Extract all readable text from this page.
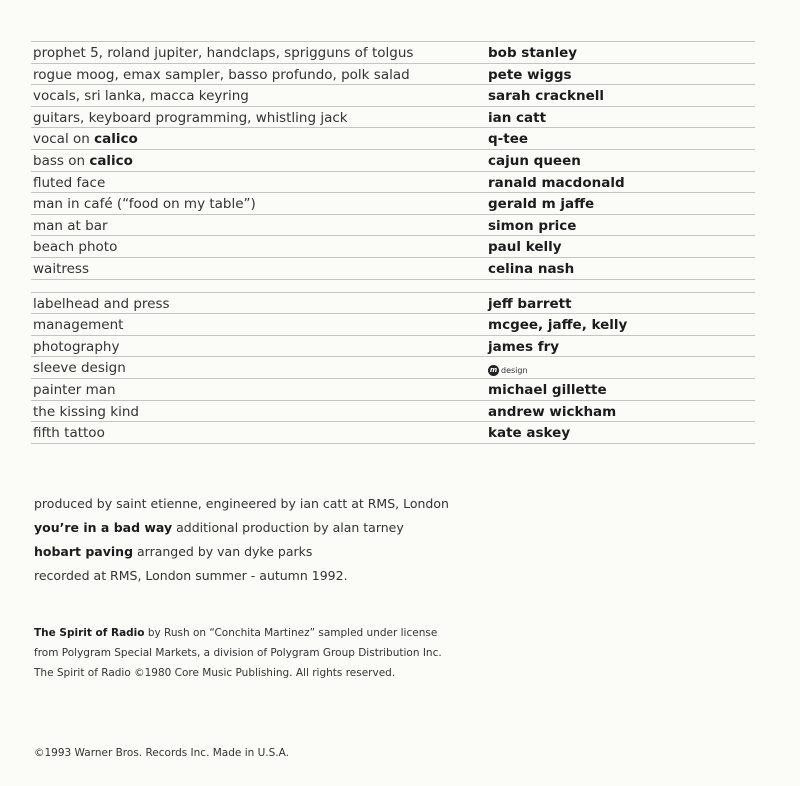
prophet 5, roland jupiter, handclaps, sprigguns of tolgus	bob stanley
rogue moog, emax sampler, basso profundo, polk salad	pete wiggs
vocals, sri lanka, macca keyring	sarah cracknell
guitars, keyboard programming, whistling jack	ian catt
vocal on calico	q-tee
bass on calico	cajun queen
fluted face	ranald macdonald
man in café (“food on my table”)	gerald m jaffe
man at bar	simon price
beach photo	paul kelly
waitress	celina nash
labelhead and press	jeff barrett
management	mcgee, jaffe, kelly
photography	james fry
sleeve design	m design
painter man	michael gillette
the kissing kind	andrew wickham
fifth tattoo	kate askey

produced by saint etienne, engineered by ian catt at RMS, London

you’re in a bad way additional production by alan tarney

hobart paving arranged by van dyke parks

recorded at RMS, London summer - autumn 1992.

The Spirit of Radio by Rush on “Conchita Martinez” sampled under license

from Polygram Special Markets, a division of Polygram Group Distribution Inc.

The Spirit of Radio ©1980 Core Music Publishing. All rights reserved.

©1993 Warner Bros. Records Inc. Made in U.S.A.
